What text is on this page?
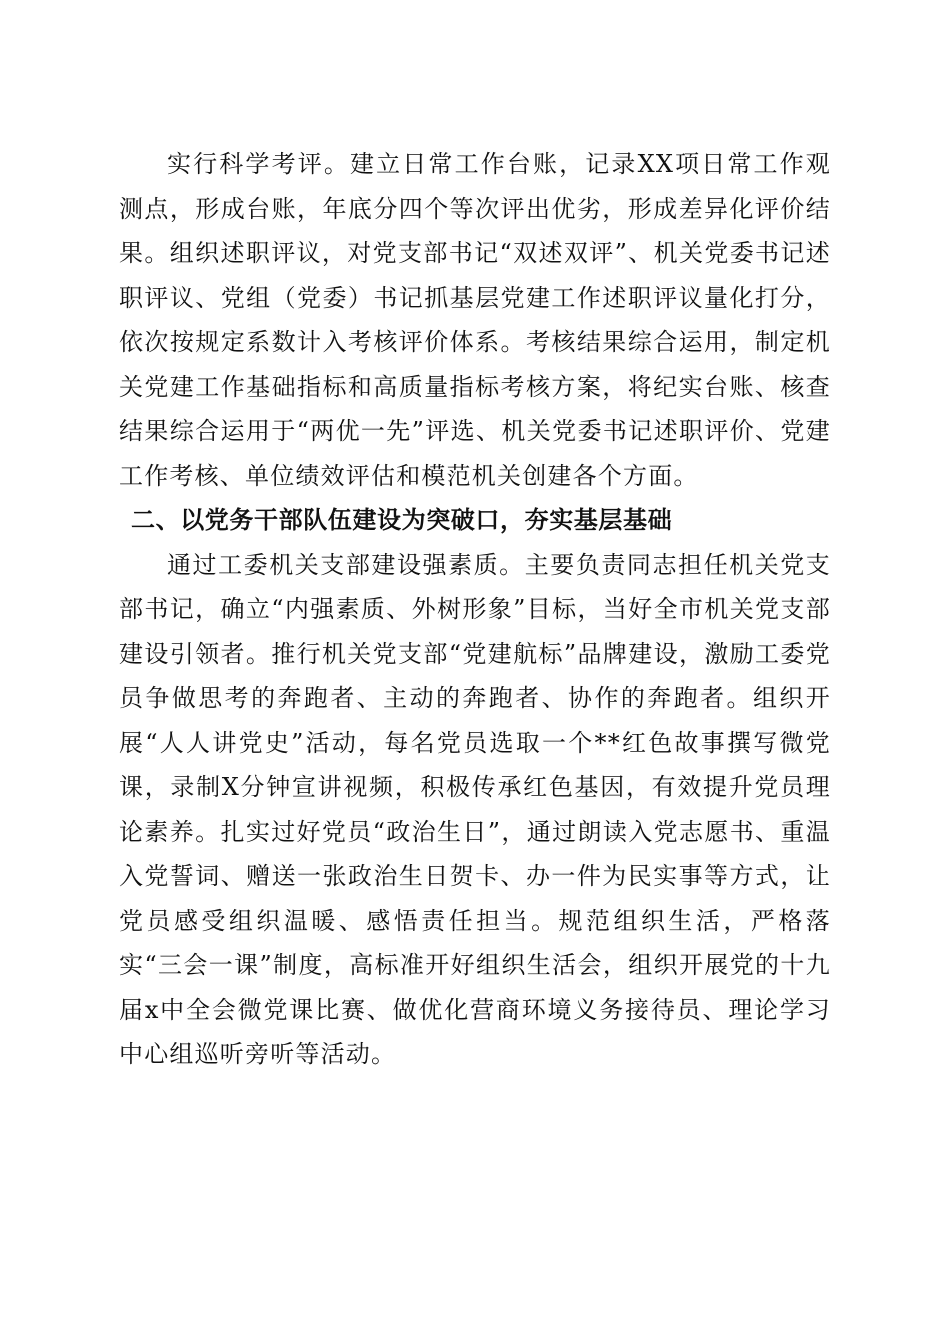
实行科学考评。建立日常工作台账，记录XX项日常工作观测点，形成台账，年底分四个等次评出优劣，形成差异化评价结果。组织述职评议，对党支部书记“双述双评”、机关党委书记述职评议、党组（党委）书记抓基层党建工作述职评议量化打分，依次按规定系数计入考核评价体系。考核结果综合运用，制定机关党建工作基础指标和高质量指标考核方案，将纪实台账、核查结果综合运用于“两优一先”评选、机关党委书记述职评价、党建工作考核、单位绩效评估和模范机关创建各个方面。

二、以党务干部队伍建设为突破口，夯实基层基础

通过工委机关支部建设强素质。主要负责同志担任机关党支部书记，确立“内强素质、外树形象”目标，当好全市机关党支部建设引领者。推行机关党支部“党建航标”品牌建设，激励工委党员争做思考的奔跑者、主动的奔跑者、协作的奔跑者。组织开展“人人讲党史”活动，每名党员选取一个**红色故事撰写微党课，录制X分钟宣讲视频，积极传承红色基因，有效提升党员理论素养。扎实过好党员“政治生日”，通过朗读入党志愿书、重温入党誓词、赠送一张政治生日贺卡、办一件为民实事等方式，让党员感受组织温暖、感悟责任担当。规范组织生活，严格落实“三会一课”制度，高标准开好组织生活会，组织开展党的十九届x中全会微党课比赛、做优化营商环境义务接待员、理论学习中心组巡听旁听等活动。
